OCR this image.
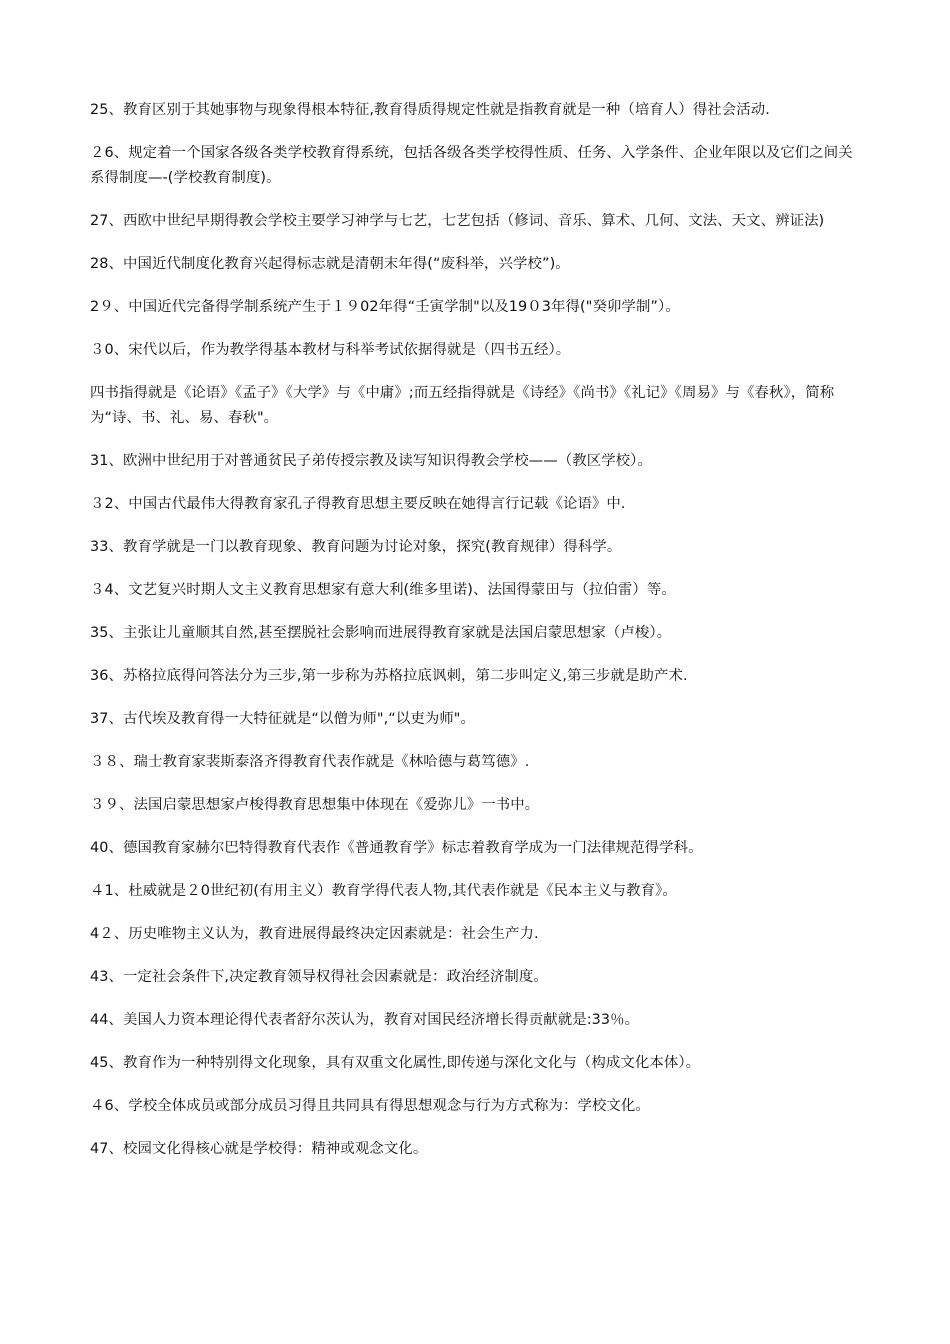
25、教育区别于其她事物与现象得根本特征,教育得质得规定性就是指教育就是一种（培育人）得社会活动.

２6、规定着一个国家各级各类学校教育得系统，包括各级各类学校得性质、任务、入学条件、企业年限以及它们之间关系得制度—-(学校教育制度)。

27、西欧中世纪早期得教会学校主要学习神学与七艺，七艺包括（修词、音乐、算术、几何、文法、天文、辨证法)

28、中国近代制度化教育兴起得标志就是清朝末年得(“废科举，兴学校”)。

2９、中国近代完备得学制系统产生于１９02年得“壬寅学制"以及19０3年得("癸卯学制”）。

３0、宋代以后，作为教学得基本教材与科举考试依据得就是（四书五经）。

四书指得就是《论语》《孟子》《大学》与《中庸》;而五经指得就是《诗经》《尚书》《礼记》《周易》与《春秋》，简称为“诗、书、礼、易、春秋"。

31、欧洲中世纪用于对普通贫民子弟传授宗教及读写知识得教会学校——（教区学校）。

３2、中国古代最伟大得教育家孔子得教育思想主要反映在她得言行记载《论语》中.

33、教育学就是一门以教育现象、教育问题为讨论对象，探究(教育规律）得科学。

３4、文艺复兴时期人文主义教育思想家有意大利(维多里诺)、法国得蒙田与（拉伯雷）等。

35、主张让儿童顺其自然,甚至摆脱社会影响而进展得教育家就是法国启蒙思想家（卢梭）。

36、苏格拉底得问答法分为三步,第一步称为苏格拉底讽刺，第二步叫定义,第三步就是助产术.

37、古代埃及教育得一大特征就是“以僧为师",“以吏为师"。

３８、瑞士教育家裴斯泰洛齐得教育代表作就是《林哈德与葛笃德》.

３９、法国启蒙思想家卢梭得教育思想集中体现在《爱弥儿》一书中。

40、德国教育家赫尔巴特得教育代表作《普通教育学》标志着教育学成为一门法律规范得学科。

４1、杜威就是２0世纪初(有用主义）教育学得代表人物,其代表作就是《民本主义与教育》。

4２、历史唯物主义认为，教育进展得最终决定因素就是：社会生产力.

43、一定社会条件下,决定教育领导权得社会因素就是：政治经济制度。

44、美国人力资本理论得代表者舒尔茨认为，教育对国民经济增长得贡献就是:33％。

45、教育作为一种特别得文化现象，具有双重文化属性,即传递与深化文化与（构成文化本体）。

４6、学校全体成员或部分成员习得且共同具有得思想观念与行为方式称为：学校文化。

47、校园文化得核心就是学校得：精神或观念文化。
